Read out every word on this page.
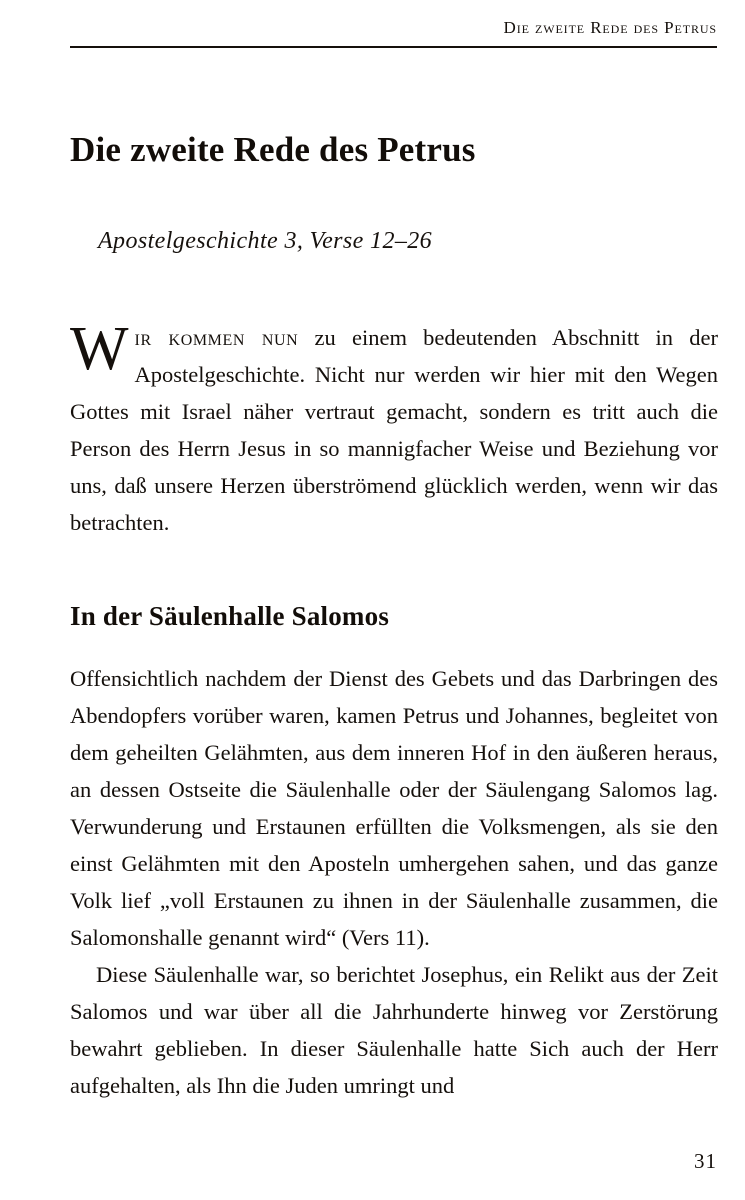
Die zweite Rede des Petrus
Die zweite Rede des Petrus
Apostelgeschichte 3, Verse 12–26

Wir kommen nun zu einem bedeutenden Abschnitt in der Apostelgeschichte. Nicht nur werden wir hier mit den Wegen Gottes mit Israel näher vertraut gemacht, sondern es tritt auch die Person des Herrn Jesus in so mannigfacher Weise und Beziehung vor uns, daß unsere Herzen überströmend glücklich werden, wenn wir das betrachten.

In der Säulenhalle Salomos

Offensichtlich nachdem der Dienst des Gebets und das Darbringen des Abendopfers vorüber waren, kamen Petrus und Johannes, begleitet von dem geheilten Gelähmten, aus dem inneren Hof in den äußeren heraus, an dessen Ostseite die Säulenhalle oder der Säulengang Salomos lag. Verwunderung und Erstaunen erfüllten die Volksmengen, als sie den einst Gelähmten mit den Aposteln umhergehen sahen, und das ganze Volk lief „voll Erstaunen zu ihnen in der Säulenhalle zusammen, die Salomonshalle genannt wird“ (Vers 11).

Diese Säulenhalle war, so berichtet Josephus, ein Relikt aus der Zeit Salomos und war über all die Jahrhunderte hinweg vor Zerstörung bewahrt geblieben. In dieser Säulenhalle hatte Sich auch der Herr aufgehalten, als Ihn die Juden umringt und

31
